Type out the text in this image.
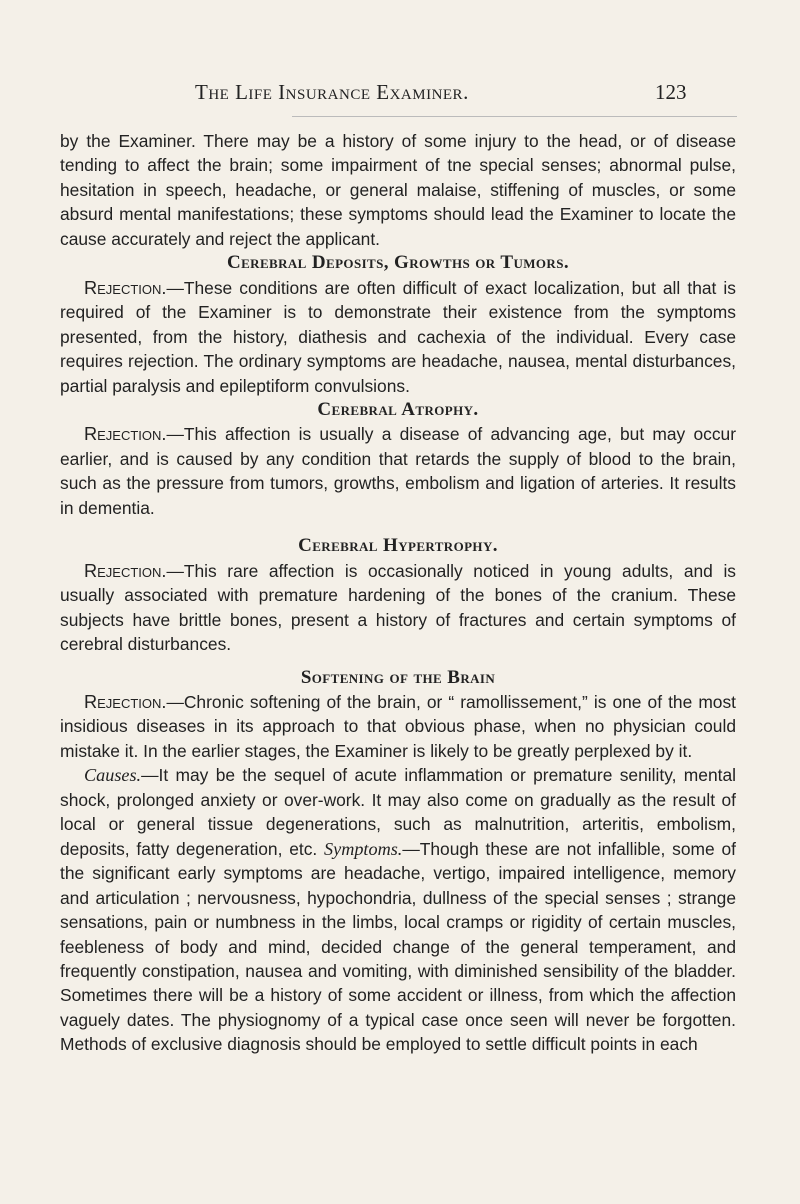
The Life Insurance Examiner.	123

by the Examiner. There may be a history of some injury to the head, or of disease tending to affect the brain; some impairment of tne special senses; abnormal pulse, hesitation in speech, headache, or general malaise, stiffening of muscles, or some absurd mental manifestations; these symptoms should lead the Examiner to locate the cause accurately and reject the applicant.

Cerebral Deposits, Growths or Tumors.

Rejection.—These conditions are often difficult of exact localization, but all that is required of the Examiner is to demonstrate their existence from the symptoms presented, from the history, diathesis and cachexia of the individual. Every case requires rejection. The ordinary symptoms are headache, nausea, mental disturbances, partial paralysis and epileptiform convulsions.

Cerebral Atrophy.

Rejection.—This affection is usually a disease of advancing age, but may occur earlier, and is caused by any condition that retards the supply of blood to the brain, such as the pressure from tumors, growths, embolism and ligation of arteries. It results in dementia.

Cerebral Hypertrophy.

Rejection.—This rare affection is occasionally noticed in young adults, and is usually associated with premature hardening of the bones of the cranium. These subjects have brittle bones, present a history of fractures and certain symptoms of cerebral disturbances.

Softening of the Brain

Rejection.—Chronic softening of the brain, or “ ramollissement,” is one of the most insidious diseases in its approach to that obvious phase, when no physician could mistake it. In the earlier stages, the Examiner is likely to be greatly perplexed by it.

Causes.—It may be the sequel of acute inflammation or premature senility, mental shock, prolonged anxiety or over-work. It may also come on gradually as the result of local or general tissue degenerations, such as malnutrition, arteritis, embolism, deposits, fatty degeneration, etc. Symptoms.—Though these are not infallible, some of the significant early symptoms are headache, vertigo, impaired intelligence, memory and articulation ; nervousness, hypochondria, dullness of the special senses ; strange sensations, pain or numbness in the limbs, local cramps or rigidity of certain muscles, feebleness of body and mind, decided change of the general temperament, and frequently constipation, nausea and vomiting, with diminished sensibility of the bladder. Sometimes there will be a history of some accident or illness, from which the affection vaguely dates. The physiognomy of a typical case once seen will never be forgotten. Methods of exclusive diagnosis should be employed to settle difficult points in each
